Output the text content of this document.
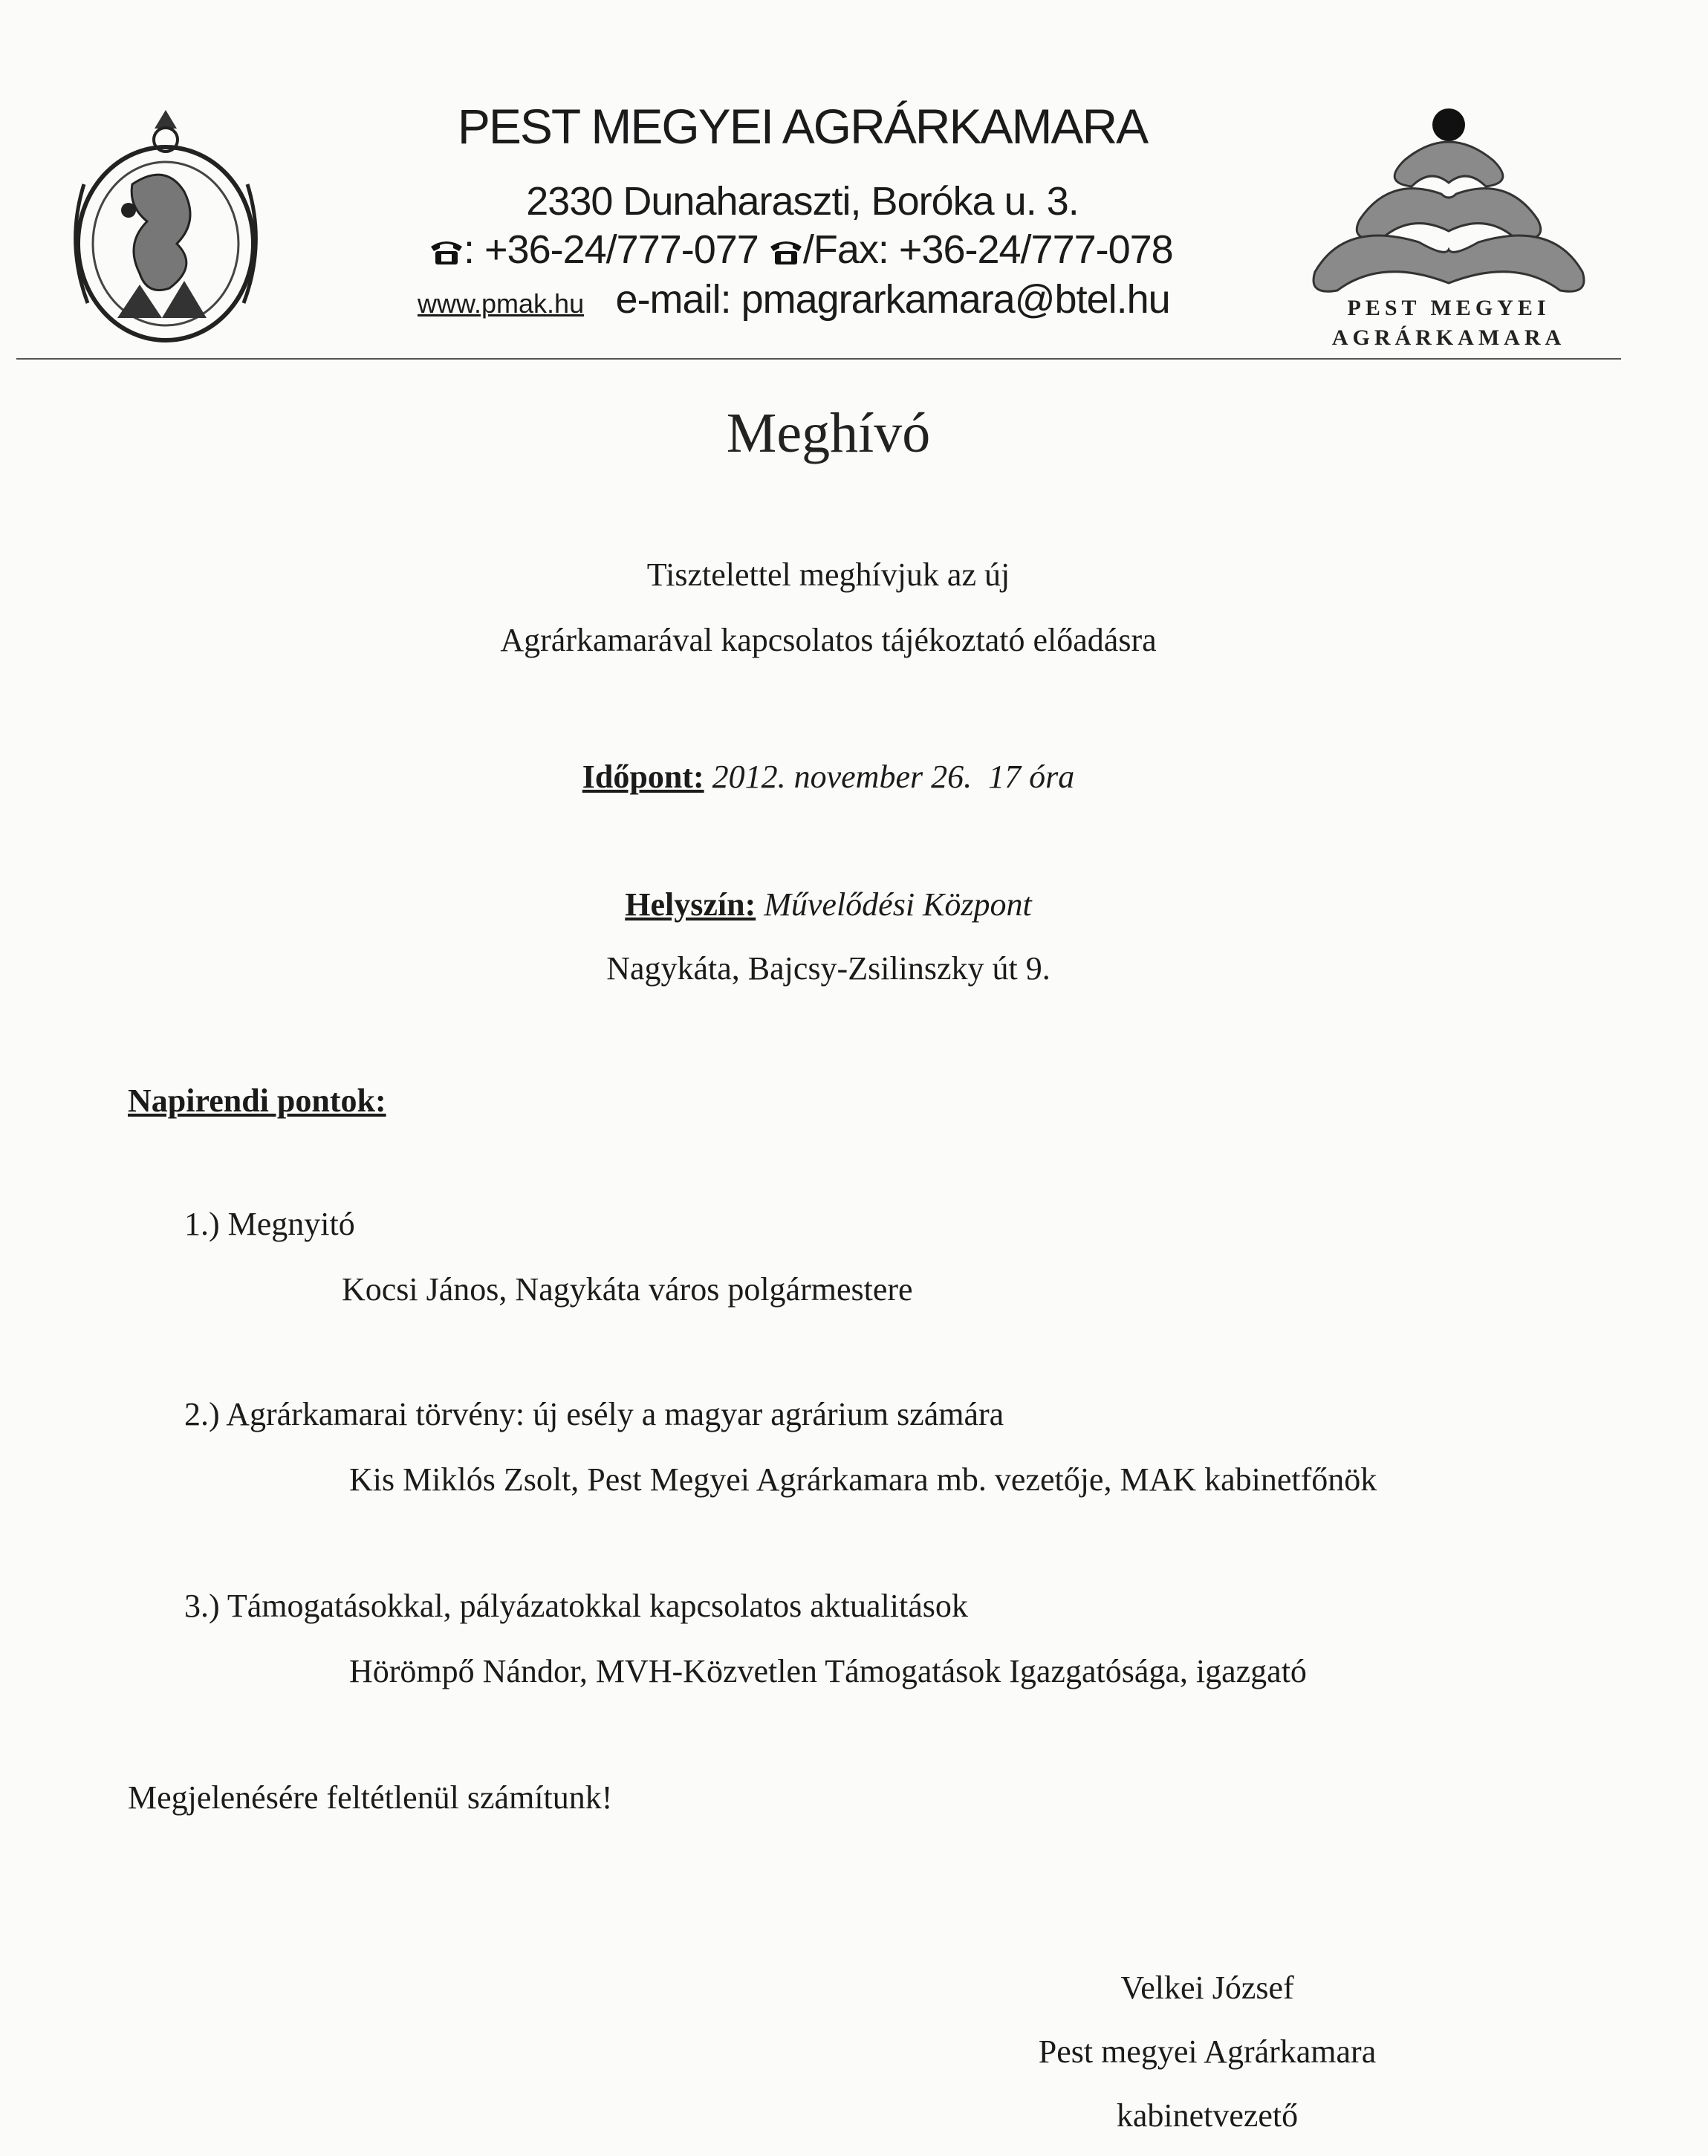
PEST MEGYEI AGRÁRKAMARA
2330 Dunaharaszti, Boróka u. 3.
: +36-24/777-077 /Fax: +36-24/777-078
www.pmak.hu e-mail: pmagrarkamara@btel.hu	PEST MEGYEI
AGRÁRKAMARA
Meghívó
Tisztelettel meghívjuk az új
Agrárkamarával kapcsolatos tájékoztató előadásra
Időpont: 2012. november 26.  17 óra
Helyszín: Művelődési Központ
Nagykáta, Bajcsy-Zsilinszky út 9.
Napirendi pontok:
1.) Megnyitó
Kocsi János, Nagykáta város polgármestere
2.) Agrárkamarai törvény: új esély a magyar agrárium számára
Kis Miklós Zsolt, Pest Megyei Agrárkamara mb. vezetője, MAK kabinetfőnök
3.) Támogatásokkal, pályázatokkal kapcsolatos aktualitások
Hörömpő Nándor, MVH-Közvetlen Támogatások Igazgatósága, igazgató
Megjelenésére feltétlenül számítunk!
Velkei József
Pest megyei Agrárkamara
kabinetvezető
